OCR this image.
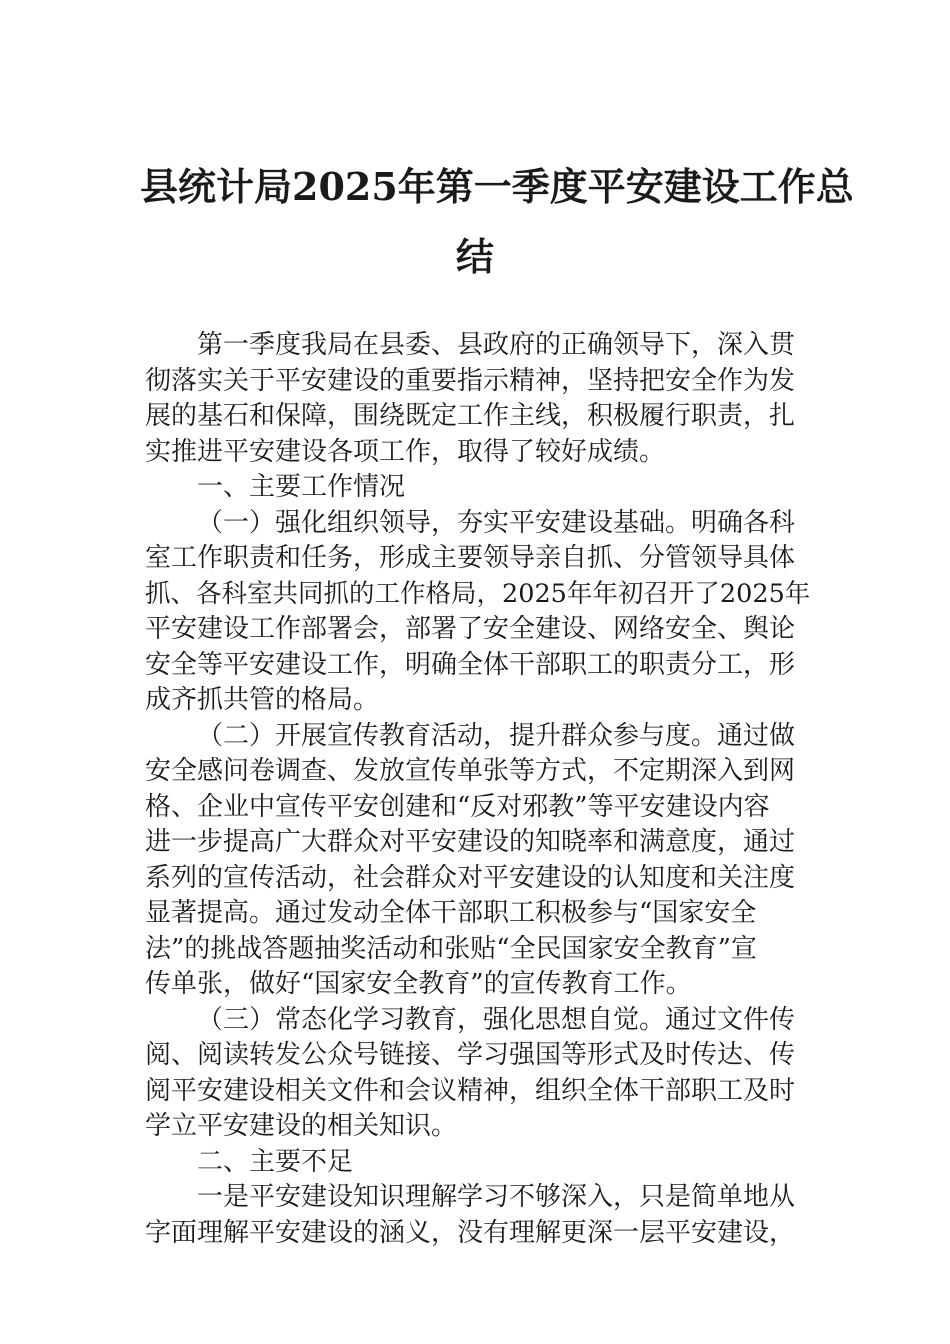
县统计局2025年第一季度平安建设工作总
结
第一季度我局在县委、县政府的正确领导下，深入贯
彻落实关于平安建设的重要指示精神，坚持把安全作为发
展的基石和保障，围绕既定工作主线，积极履行职责，扎
实推进平安建设各项工作，取得了较好成绩。
一、主要工作情况
（一）强化组织领导，夯实平安建设基础。明确各科
室工作职责和任务，形成主要领导亲自抓、分管领导具体
抓、各科室共同抓的工作格局，2025年年初召开了2025年
平安建设工作部署会，部署了安全建设、网络安全、舆论
安全等平安建设工作，明确全体干部职工的职责分工，形
成齐抓共管的格局。
（二）开展宣传教育活动，提升群众参与度。通过做
安全感问卷调查、发放宣传单张等方式，不定期深入到网
格、企业中宣传平安创建和“反对邪教”等平安建设内容
进一步提高广大群众对平安建设的知晓率和满意度，通过
系列的宣传活动，社会群众对平安建设的认知度和关注度
显著提高。通过发动全体干部职工积极参与“国家安全
法”的挑战答题抽奖活动和张贴“全民国家安全教育”宣
传单张，做好“国家安全教育”的宣传教育工作。
（三）常态化学习教育，强化思想自觉。通过文件传
阅、阅读转发公众号链接、学习强国等形式及时传达、传
阅平安建设相关文件和会议精神，组织全体干部职工及时
学立平安建设的相关知识。
二、主要不足
一是平安建设知识理解学习不够深入，只是简单地从
字面理解平安建设的涵义，没有理解更深一层平安建设，
